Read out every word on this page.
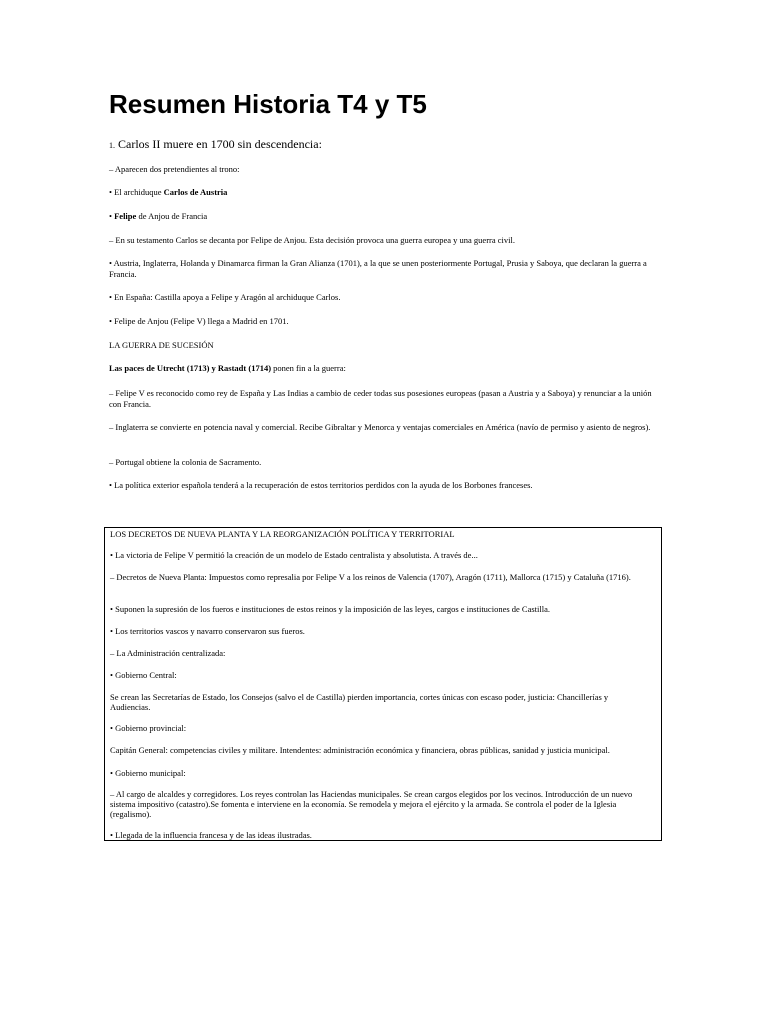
Resumen Historia T4 y T5
1. Carlos II muere en 1700 sin descendencia:
– Aparecen dos pretendientes al trono:
• El archiduque Carlos de Austria
• Felipe de Anjou de Francia
– En su testamento Carlos se decanta por Felipe de Anjou. Esta decisión provoca una guerra europea y una guerra civil.
• Austria, Inglaterra, Holanda y Dinamarca firman la Gran Alianza (1701), a la que se unen posteriormente Portugal, Prusia y Saboya, que declaran la guerra a Francia.
• En España: Castilla apoya a Felipe y Aragón al archiduque Carlos.
• Felipe de Anjou (Felipe V) llega a Madrid en 1701.
LA GUERRA DE SUCESIÓN
Las paces de Utrecht (1713) y Rastadt (1714) ponen fin a la guerra:
– Felipe V es reconocido como rey de España y Las Indias a cambio de ceder todas sus posesiones europeas (pasan a Austria y a Saboya) y renunciar a la unión con Francia.
– Inglaterra se convierte en potencia naval y comercial. Recibe Gibraltar y Menorca y ventajas comerciales en América (navío de permiso y asiento de negros).
– Portugal obtiene la colonia de Sacramento.
• La política exterior española tenderá a la recuperación de estos territorios perdidos con la ayuda de los Borbones franceses.
LOS DECRETOS DE NUEVA PLANTA Y LA REORGANIZACIÓN POLÍTICA Y TERRITORIAL
• La victoria de Felipe V permitió la creación de un modelo de Estado centralista y absolutista. A través de...
– Decretos de Nueva Planta: Impuestos como represalia por Felipe V a los reinos de Valencia (1707), Aragón (1711), Mallorca (1715) y Cataluña (1716).
• Suponen la supresión de los fueros e instituciones de estos reinos y la imposición de las leyes, cargos e instituciones de Castilla.
• Los territorios vascos y navarro conservaron sus fueros.
– La Administración centralizada:
• Gobierno Central:
Se crean las Secretarías de Estado, los Consejos (salvo el de Castilla) pierden importancia, cortes únicas con escaso poder, justicia: Chancillerías y Audiencias.
• Gobierno provincial:
Capitán General: competencias civiles y militare. Intendentes: administración económica y financiera, obras públicas, sanidad y justicia municipal.
• Gobierno municipal:
– Al cargo de alcaldes y corregidores. Los reyes controlan las Haciendas municipales. Se crean cargos elegidos por los vecinos. Introducción de un nuevo sistema impositivo (catastro).Se fomenta e interviene en la economía. Se remodela y mejora el ejército y la armada. Se controla el poder de la Iglesia (regalismo).
• Llegada de la influencia francesa y de las ideas ilustradas.
